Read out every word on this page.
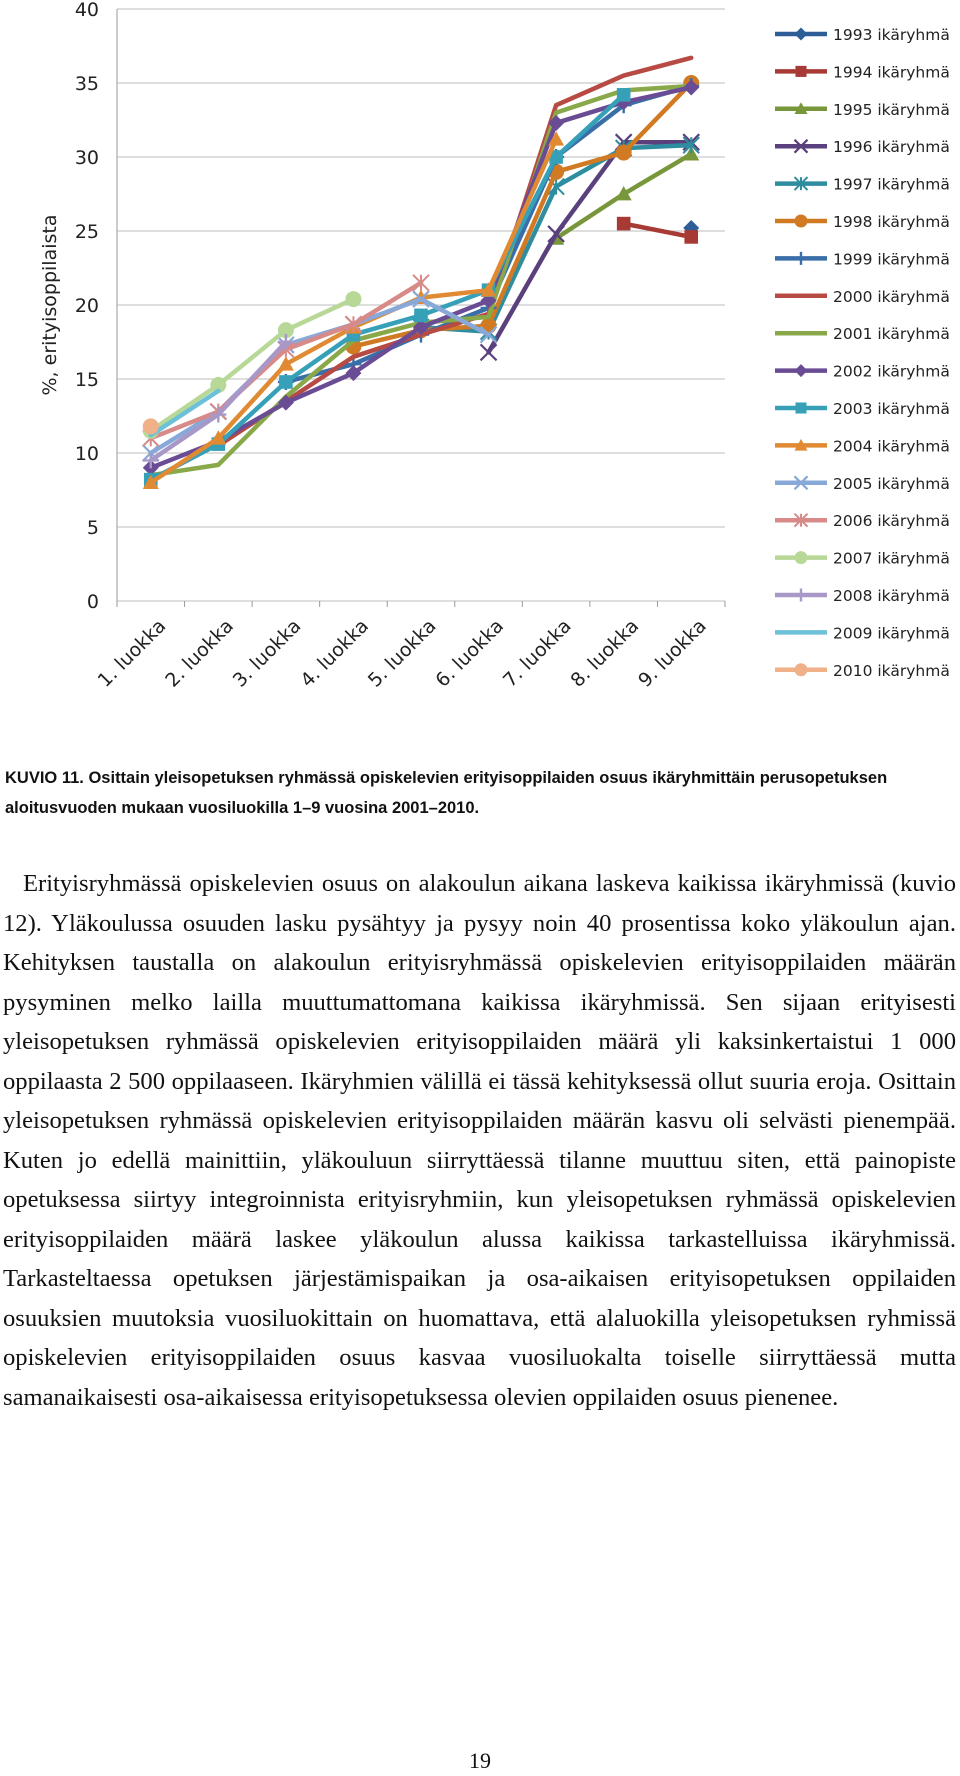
0
5
10
15
20
25
30
35
40
1. luokka
2. luokka
3. luokka
4. luokka
5. luokka
6. luokka
7. luokka
8. luokka
9. luokka
%, erityisoppilaista
1993 ikäryhmä
1994 ikäryhmä
1995 ikäryhmä
1996 ikäryhmä
1997 ikäryhmä
1998 ikäryhmä
1999 ikäryhmä
2000 ikäryhmä
2001 ikäryhmä
2002 ikäryhmä
2003 ikäryhmä
2004 ikäryhmä
2005 ikäryhmä
2006 ikäryhmä
2007 ikäryhmä
2008 ikäryhmä
2009 ikäryhmä
2010 ikäryhmä

KUVIO 11. Osittain yleisopetuksen ryhmässä opiskelevien erityisoppilaiden osuus ikäryhmittäin perusopetuksen aloitusvuoden mukaan vuosiluokilla 1–9 vuosina 2001–2010.

Erityisryhmässä opiskelevien osuus on alakoulun aikana laskeva kaikissa ikäryhmissä (kuvio 12). Yläkoulussa osuuden lasku pysähtyy ja pysyy noin 40 prosentissa koko yläkoulun ajan. Kehityksen taustalla on alakoulun erityisryhmässä opiskelevien erityisoppilaiden määrän pysyminen melko lailla muuttumattomana kaikissa ikäryhmissä. Sen sijaan erityisesti yleisopetuksen ryhmässä opiskelevien erityisoppilaiden määrä yli kaksinkertaistui 1 000 oppilaasta 2 500 oppilaaseen. Ikäryhmien välillä ei tässä kehityksessä ollut suuria eroja. Osittain yleisopetuksen ryhmässä opiskelevien erityisoppilaiden määrän kasvu oli selvästi pienempää. Kuten jo edellä mainittiin, yläkouluun siirryttäessä tilanne muuttuu siten, että painopiste opetuksessa siirtyy integroinnista erityisryhmiin, kun yleisopetuksen ryhmässä opiskelevien erityisoppilaiden määrä laskee yläkoulun alussa kaikissa tarkastelluissa ikäryhmissä. Tarkasteltaessa opetuksen järjestämispaikan ja osa-aikaisen erityisopetuksen oppilaiden osuuksien muutoksia vuosiluokittain on huomattava, että alaluokilla yleisopetuksen ryhmissä opiskelevien erityisoppilaiden osuus kasvaa vuosiluokalta toiselle siirryttäessä mutta samanaikaisesti osa-aikaisessa erityisopetuksessa olevien oppilaiden osuus pienenee.

19
